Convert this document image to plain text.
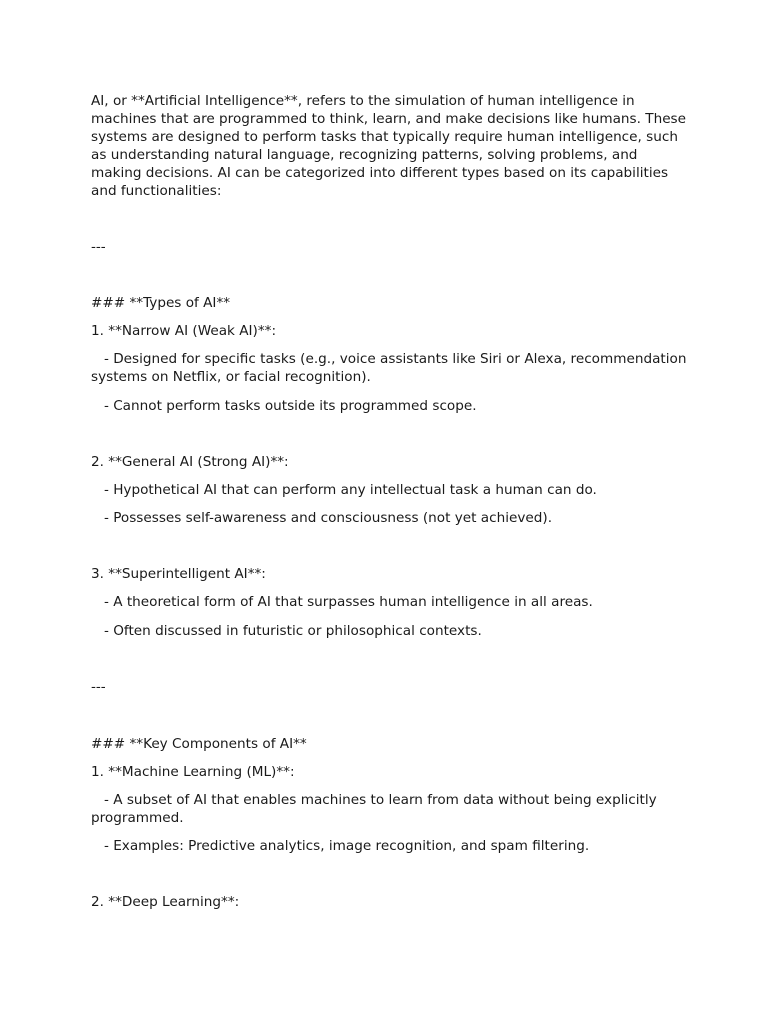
AI, or **Artificial Intelligence**, refers to the simulation of human intelligence in machines that are programmed to think, learn, and make decisions like humans. These systems are designed to perform tasks that typically require human intelligence, such as understanding natural language, recognizing patterns, solving problems, and making decisions. AI can be categorized into different types based on its capabilities and functionalities:
---
### **Types of AI**
1. **Narrow AI (Weak AI)**:
- Designed for specific tasks (e.g., voice assistants like Siri or Alexa, recommendation systems on Netflix, or facial recognition).
- Cannot perform tasks outside its programmed scope.
2. **General AI (Strong AI)**:
- Hypothetical AI that can perform any intellectual task a human can do.
- Possesses self-awareness and consciousness (not yet achieved).
3. **Superintelligent AI**:
- A theoretical form of AI that surpasses human intelligence in all areas.
- Often discussed in futuristic or philosophical contexts.
---
### **Key Components of AI**
1. **Machine Learning (ML)**:
- A subset of AI that enables machines to learn from data without being explicitly programmed.
- Examples: Predictive analytics, image recognition, and spam filtering.
2. **Deep Learning**:
